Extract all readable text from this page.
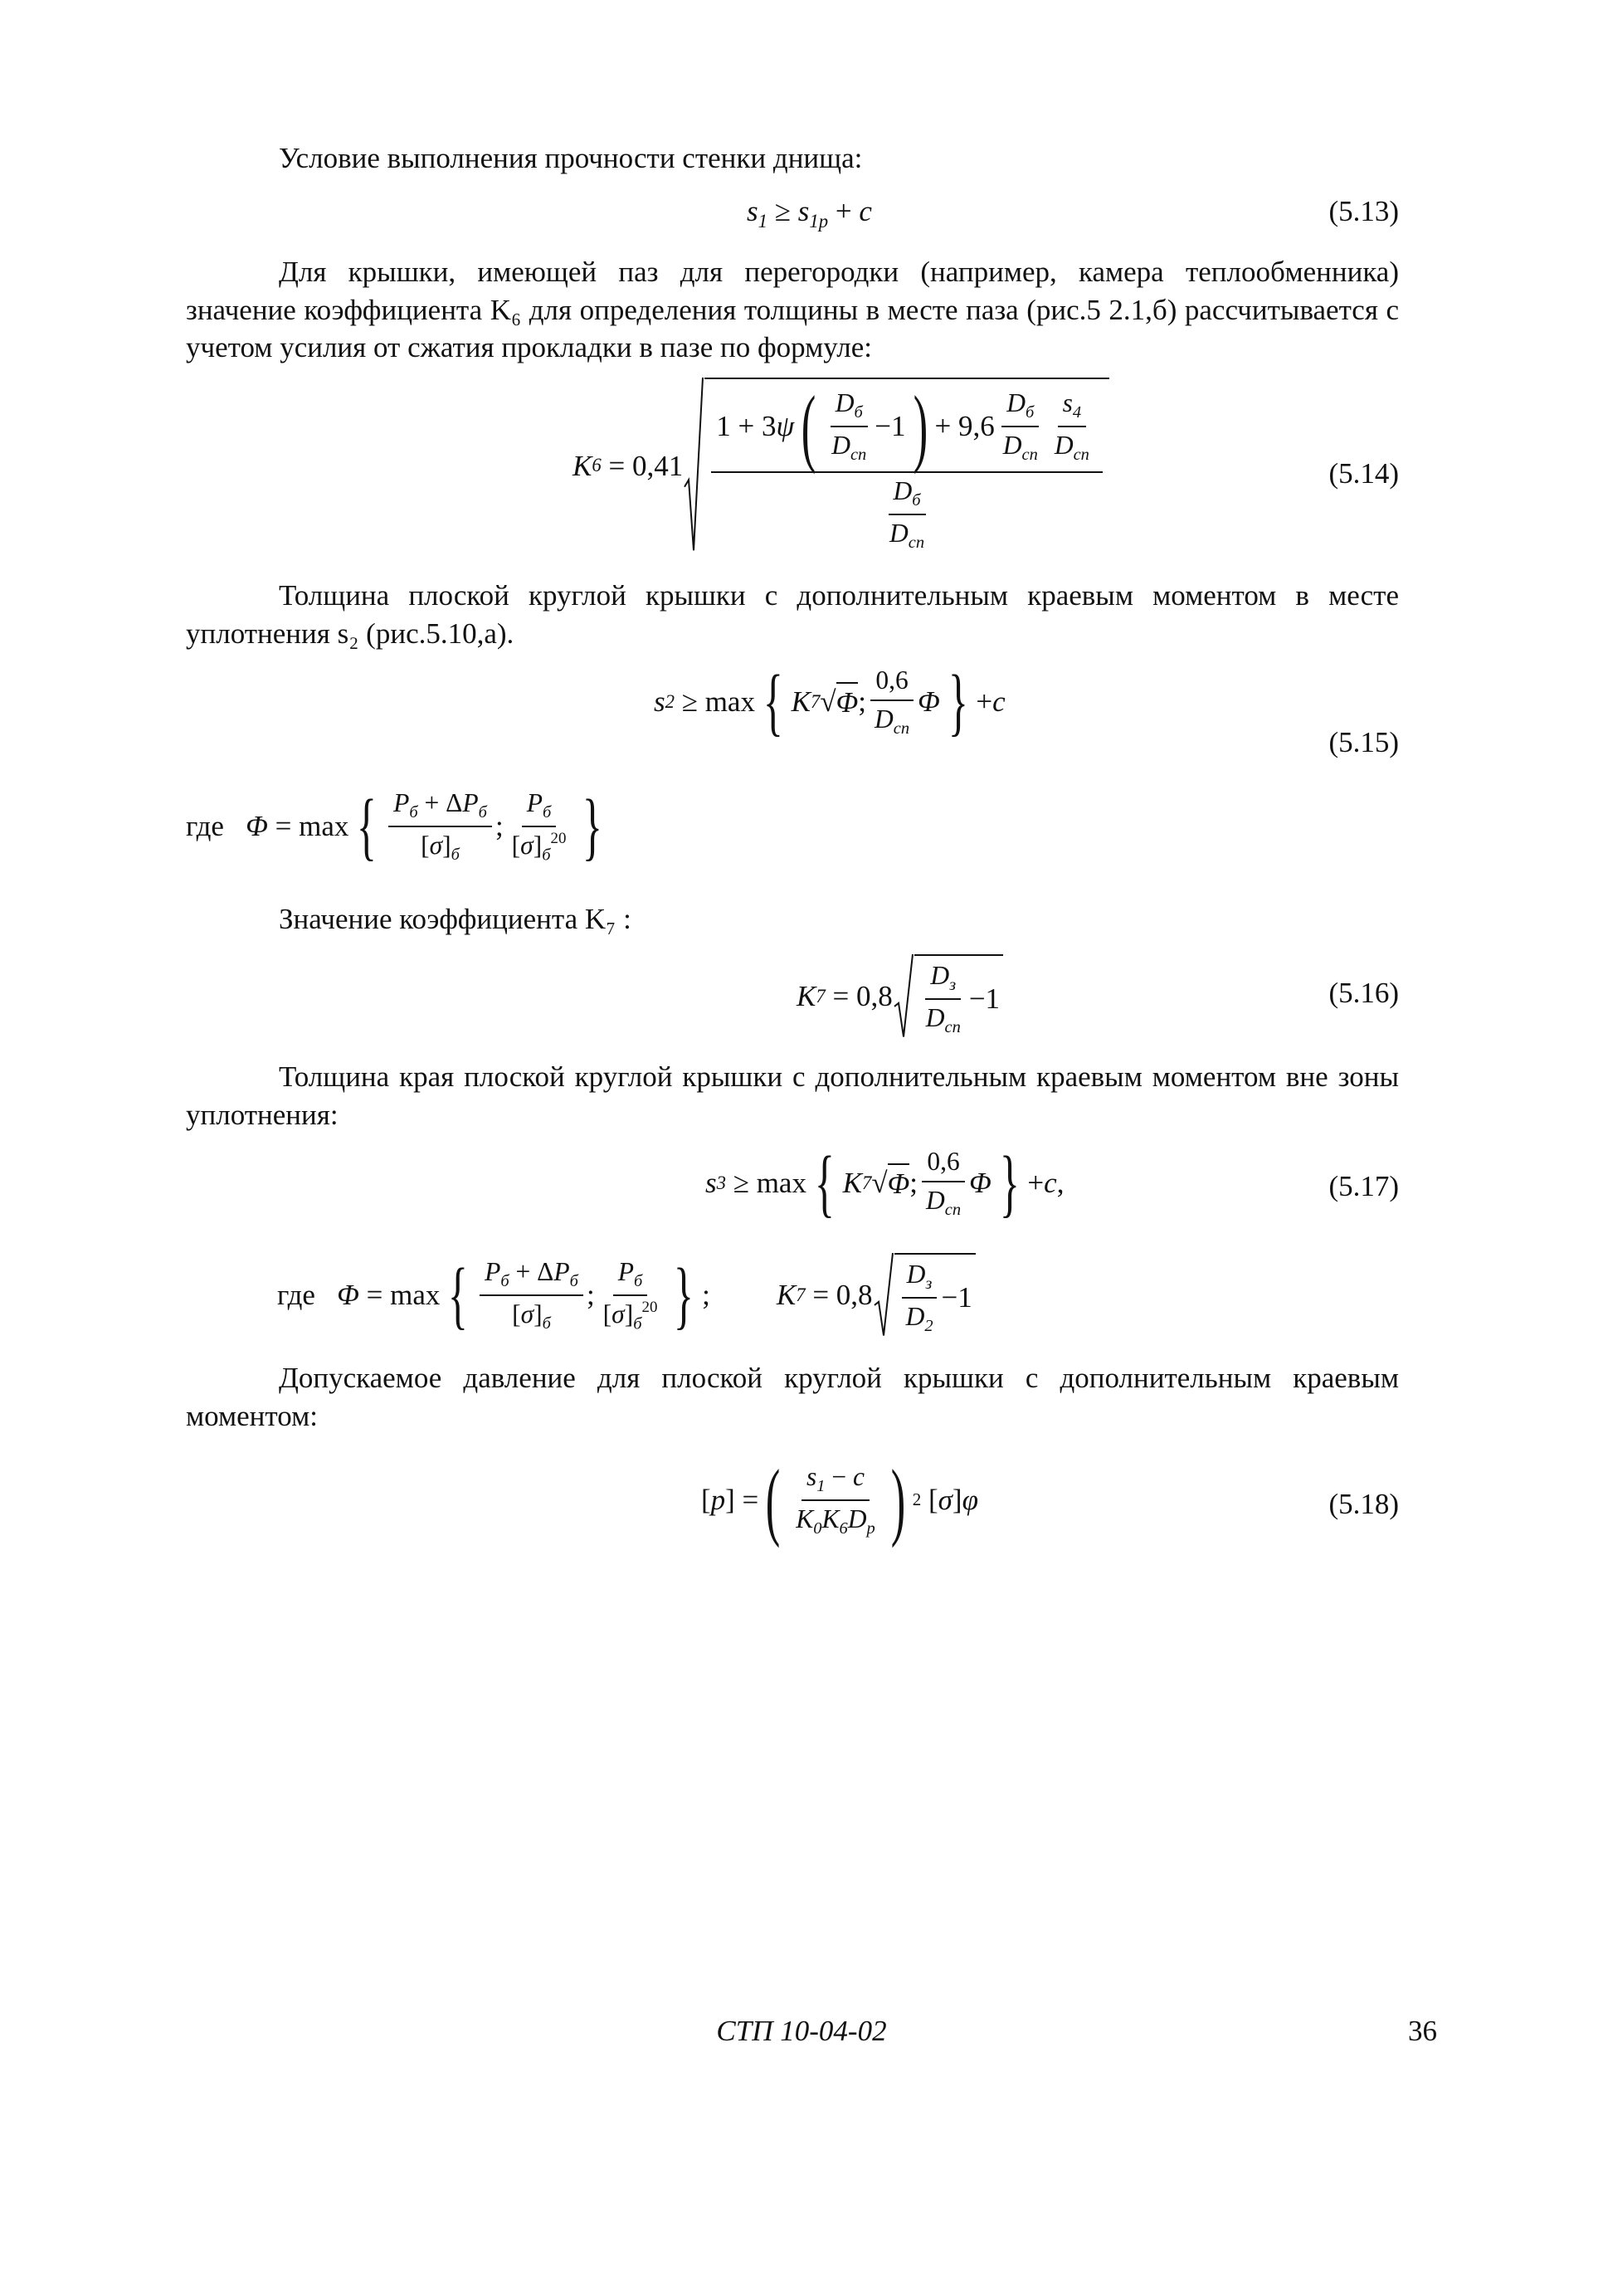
Условие выполнения прочности стенки днища:

$s_1 \ge s_{1p} + c$	(5.13)

Для крышки, имеющей паз для перегородки (например, камера теплообменника) значение коэффициента K₆ для определения толщины в месте паза (рис.5 2.1,б) рассчитывается с учетом усилия от сжатия прокладки в пазе по формуле:

K $6 = 0,41 \frac{1 + 3 \psi ( \frac{D_б}{D_{cn}} -1 ) + 9,6 \frac{D_б}{D_{cn}} \frac{s_4}{D_{cn}}}{\frac{D_б}{D_{cn}}}$	(5.14)

Толщина плоской круглой крышки с дополнительным краевым моментом в месте уплотнения s₂ (рис.5.10,а).

s 2 ≥ max { K 7 √ Φ ; $\frac{0,6}{D_{cn}}$ Φ } + c
(5.15)
где
Φ = max { $\frac{P_б + \Delta P_б}{[\sigma]_б}$ ; $\frac{P_б}{[\sigma]_б^{20}}$ }

Значение коэффициента K₇ :

K $7 = 0,8 \frac{D_з}{D_{cn}} -1$	(5.16)

Толщина края плоской круглой крышки с дополнительным краевым моментом вне зоны уплотнения:

s 3 ≥ max { K 7 √ Φ ; $\frac{0,6}{D_{cn}}$ Φ } + c ,	(5.17)
где
Φ = max { $\frac{P_б + \Delta P_б}{[\sigma]_б}$ ; $\frac{P_б}{[\sigma]_б^{20}}$ } ; K $7 = 0,8 \frac{D_з}{D_2} -1$

Допускаемое давление для плоской круглой крышки с дополнительным краевым моментом:

[ p ] = ( $\frac{s_1 - c}{K_0K_6D_p}$ ) 2 [ σ ] φ	(5.18)
СТП 10-04-02	36
